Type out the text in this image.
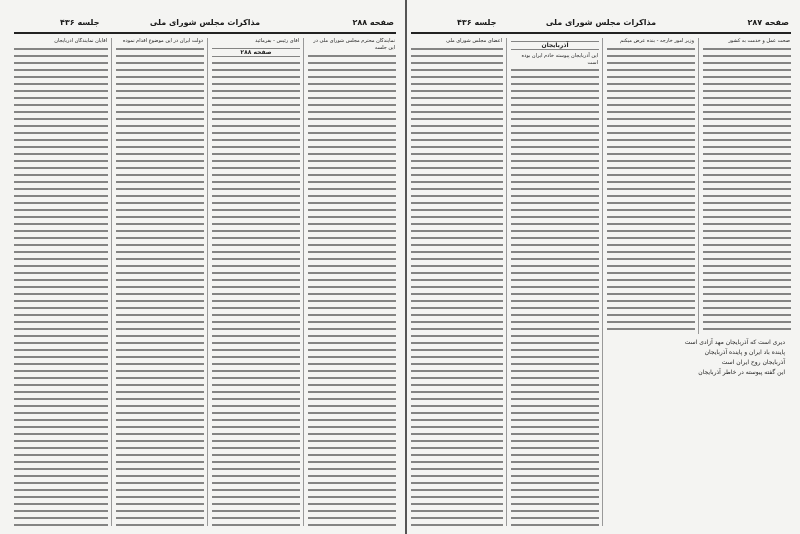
صفحه ۲۸۸
مذاکرات مجلس شورای ملی
جلسه ۴۳۶

نمایندگان محترم مجلس شورای ملی در این جلسه

آقای رئیس - بفرمائید

صفحه ۲۸۸

دولت ایران در این موضوع اقدام نموده

آقایان نمایندگان آذربایجان

صفحه ۲۸۷
مذاکرات مجلس شورای ملی
جلسه ۴۳۶

صحت عمل و خدمت به کشور

وزیر امور خارجه - بنده عرض میکنم

آذربایجان

این آذربایجان پیوسته خادم ایران بوده است

اعضای مجلس شورای ملی

دیری است که آذربایجان مهد آزادی است
پاینده باد ایران و پاینده آذربایجان
آذربایجان روح ایران است
این گفته پیوسته در خاطر آذربایجان
